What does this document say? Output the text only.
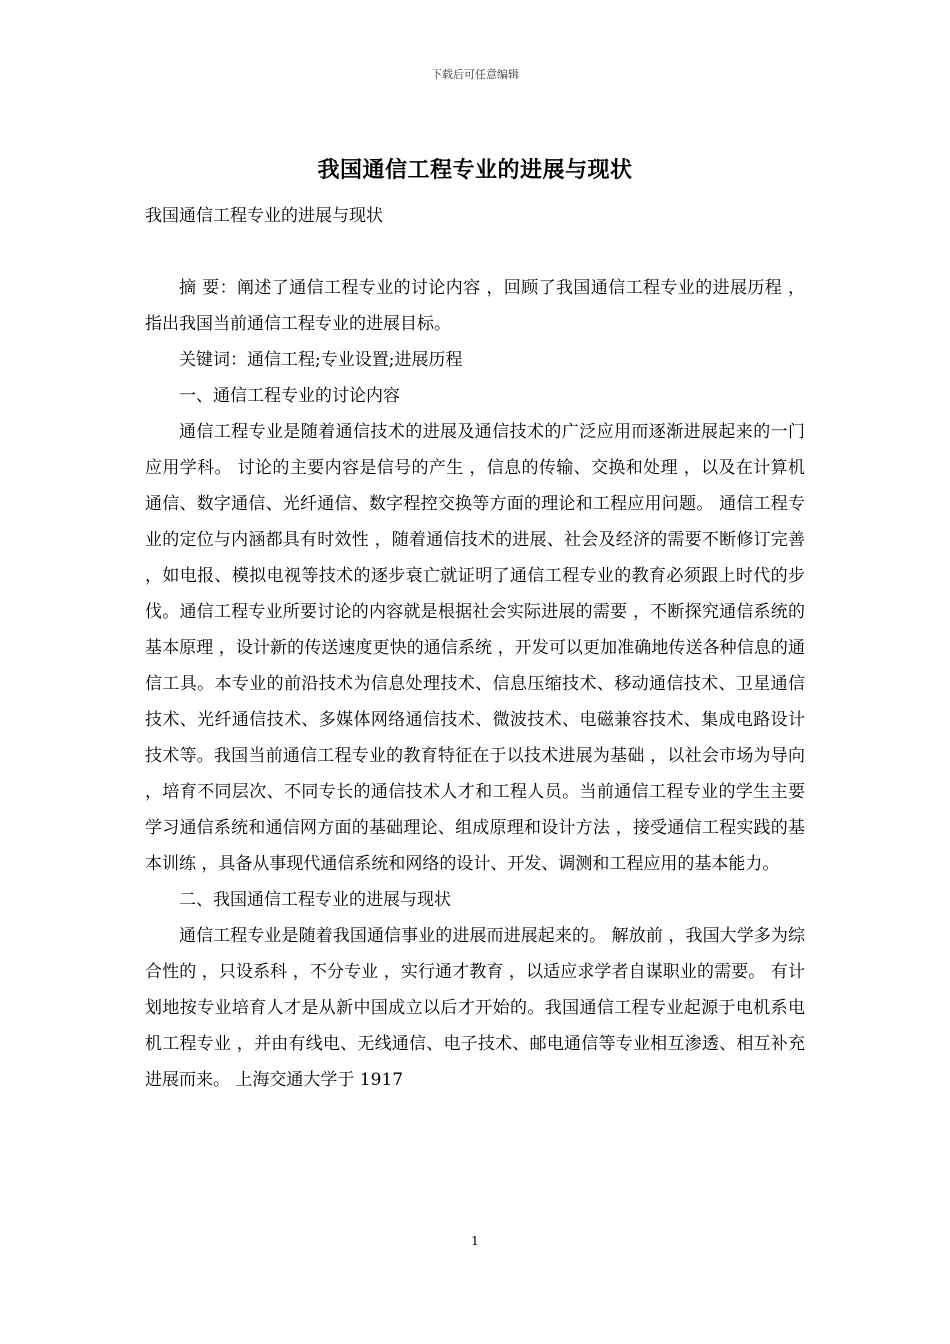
下载后可任意编辑
我国通信工程专业的进展与现状
我国通信工程专业的进展与现状

摘 要：阐述了通信工程专业的讨论内容 ，回顾了我国通信工程专业的进展历程 ，指出我国当前通信工程专业的进展目标。

关键词：通信工程;专业设置;进展历程

一、通信工程专业的讨论内容

通信工程专业是随着通信技术的进展及通信技术的广泛应用而逐渐进展起来的一门应用学科。 讨论的主要内容是信号的产生 ，信息的传输、交换和处理 ，以及在计算机通信、数字通信、光纤通信、数字程控交换等方面的理论和工程应用问题。 通信工程专业的定位与内涵都具有时效性 ，随着通信技术的进展、社会及经济的需要不断修订完善 ，如电报、模拟电视等技术的逐步衰亡就证明了通信工程专业的教育必须跟上时代的步伐。通信工程专业所要讨论的内容就是根据社会实际进展的需要 ，不断探究通信系统的基本原理 ，设计新的传送速度更快的通信系统 ，开发可以更加准确地传送各种信息的通信工具。本专业的前沿技术为信息处理技术、信息压缩技术、移动通信技术、卫星通信技术、光纤通信技术、多媒体网络通信技术、微波技术、电磁兼容技术、集成电路设计技术等。我国当前通信工程专业的教育特征在于以技术进展为基础 ，以社会市场为导向 ，培育不同层次、不同专长的通信技术人才和工程人员。当前通信工程专业的学生主要学习通信系统和通信网方面的基础理论、组成原理和设计方法 ，接受通信工程实践的基本训练 ，具备从事现代通信系统和网络的设计、开发、调测和工程应用的基本能力。

二、我国通信工程专业的进展与现状

通信工程专业是随着我国通信事业的进展而进展起来的。 解放前 ，我国大学多为综合性的 ，只设系科 ，不分专业 ，实行通才教育 ，以适应求学者自谋职业的需要。 有计划地按专业培育人才是从新中国成立以后才开始的。我国通信工程专业起源于电机系电机工程专业 ，并由有线电、无线通信、电子技术、邮电通信等专业相互渗透、相互补充进展而来。 上海交通大学于 1917

1
